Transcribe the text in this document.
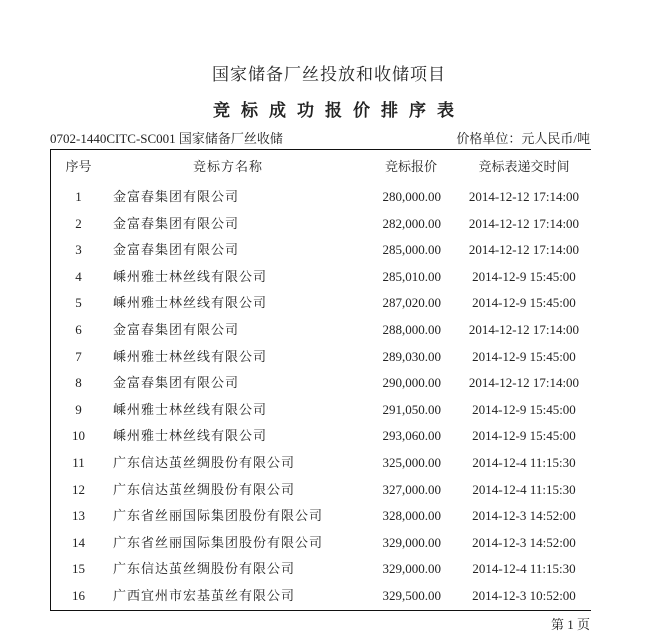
国家储备厂丝投放和收储项目
竞标成功报价排序表
0702-1440CITC-SC001 国家储备厂丝收储	价格单位：元人民币/吨
序号	竞标方名称	竞标报价	竞标表递交时间
1	金富春集团有限公司	280,000.00	2014-12-12 17:14:00
2	金富春集团有限公司	282,000.00	2014-12-12 17:14:00
3	金富春集团有限公司	285,000.00	2014-12-12 17:14:00
4	嵊州雅士林丝线有限公司	285,010.00	2014-12-9 15:45:00
5	嵊州雅士林丝线有限公司	287,020.00	2014-12-9 15:45:00
6	金富春集团有限公司	288,000.00	2014-12-12 17:14:00
7	嵊州雅士林丝线有限公司	289,030.00	2014-12-9 15:45:00
8	金富春集团有限公司	290,000.00	2014-12-12 17:14:00
9	嵊州雅士林丝线有限公司	291,050.00	2014-12-9 15:45:00
10	嵊州雅士林丝线有限公司	293,060.00	2014-12-9 15:45:00
11	广东信达茧丝绸股份有限公司	325,000.00	2014-12-4 11:15:30
12	广东信达茧丝绸股份有限公司	327,000.00	2014-12-4 11:15:30
13	广东省丝丽国际集团股份有限公司	328,000.00	2014-12-3 14:52:00
14	广东省丝丽国际集团股份有限公司	329,000.00	2014-12-3 14:52:00
15	广东信达茧丝绸股份有限公司	329,000.00	2014-12-4 11:15:30
16	广西宜州市宏基茧丝有限公司	329,500.00	2014-12-3 10:52:00
第 1 页
